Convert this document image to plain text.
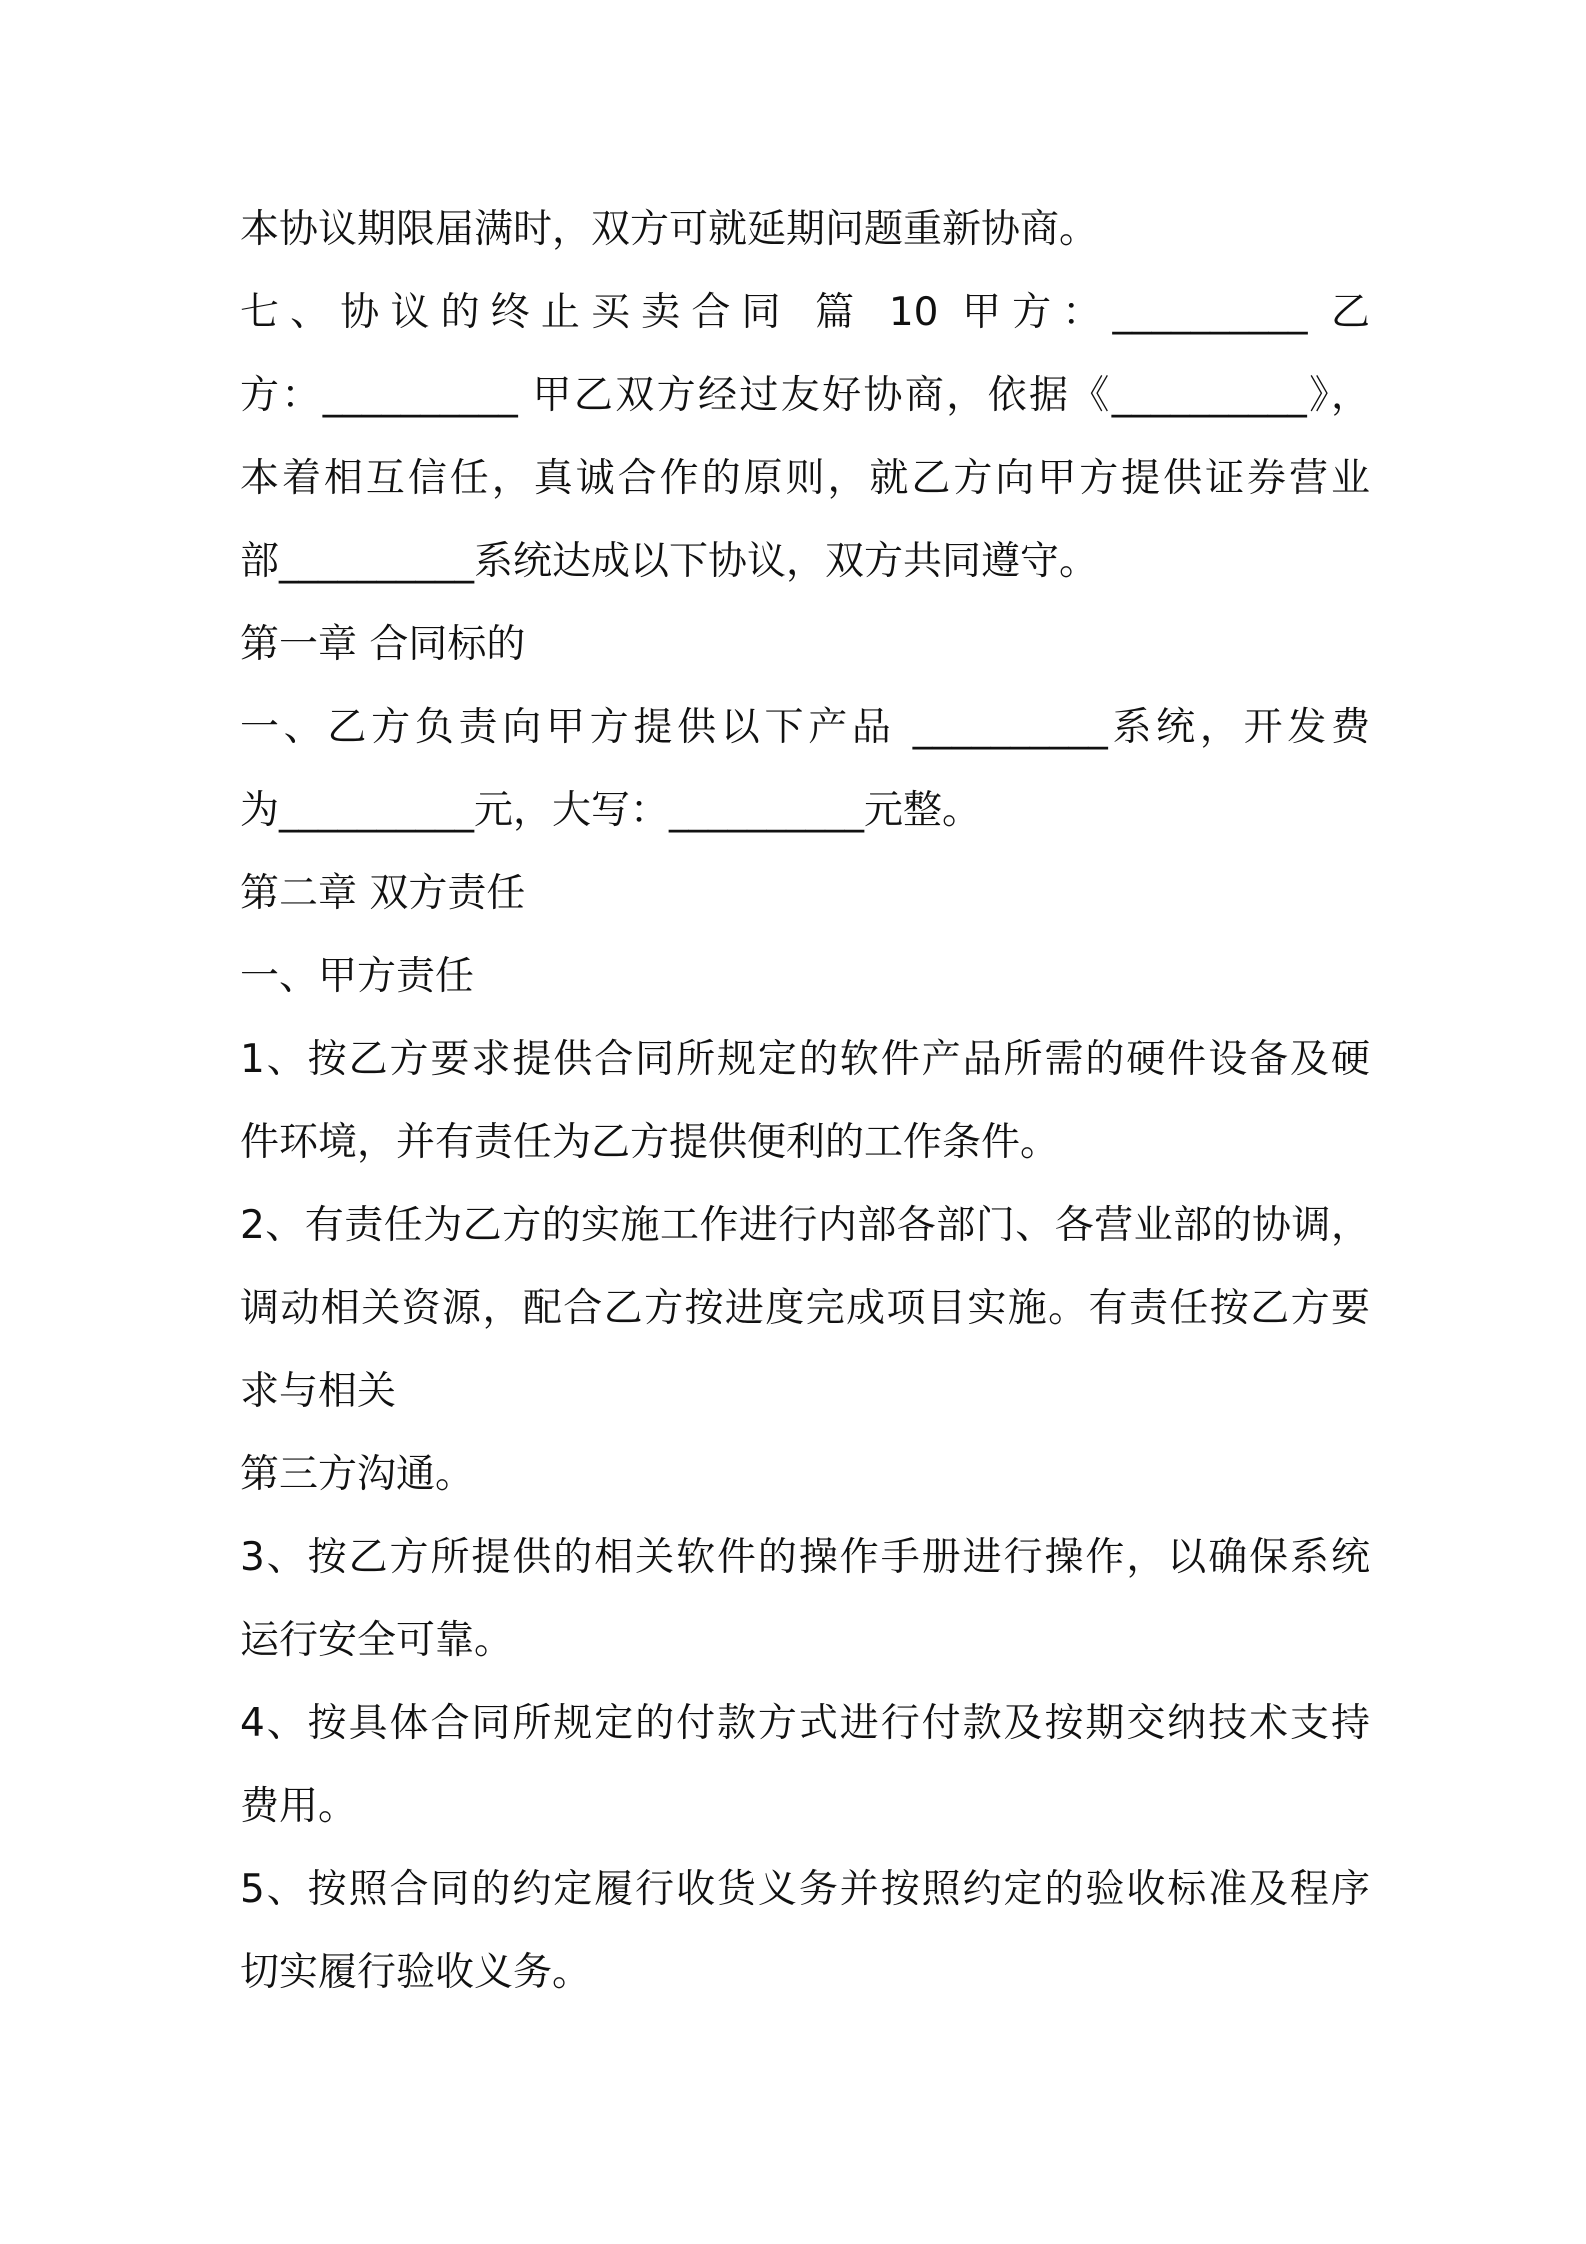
本协议期限届满时，双方可就延期问题重新协商。
七、协议的终止买卖合同 篇 10 甲方：__________ 乙
方：__________ 甲乙双方经过友好协商，依据《__________》，
本着相互信任，真诚合作的原则，就乙方向甲方提供证券营业
部__________系统达成以下协议，双方共同遵守。
第一章 合同标的
一、乙方负责向甲方提供以下产品 __________系统，开发费
为__________元，大写：__________元整。
第二章 双方责任
一、甲方责任
1、按乙方要求提供合同所规定的软件产品所需的硬件设备及硬
件环境，并有责任为乙方提供便利的工作条件。
2、有责任为乙方的实施工作进行内部各部门、各营业部的协调，
调动相关资源，配合乙方按进度完成项目实施。有责任按乙方要
求与相关
第三方沟通。
3、按乙方所提供的相关软件的操作手册进行操作，以确保系统
运行安全可靠。
4、按具体合同所规定的付款方式进行付款及按期交纳技术支持
费用。
5、按照合同的约定履行收货义务并按照约定的验收标准及程序
切实履行验收义务。
